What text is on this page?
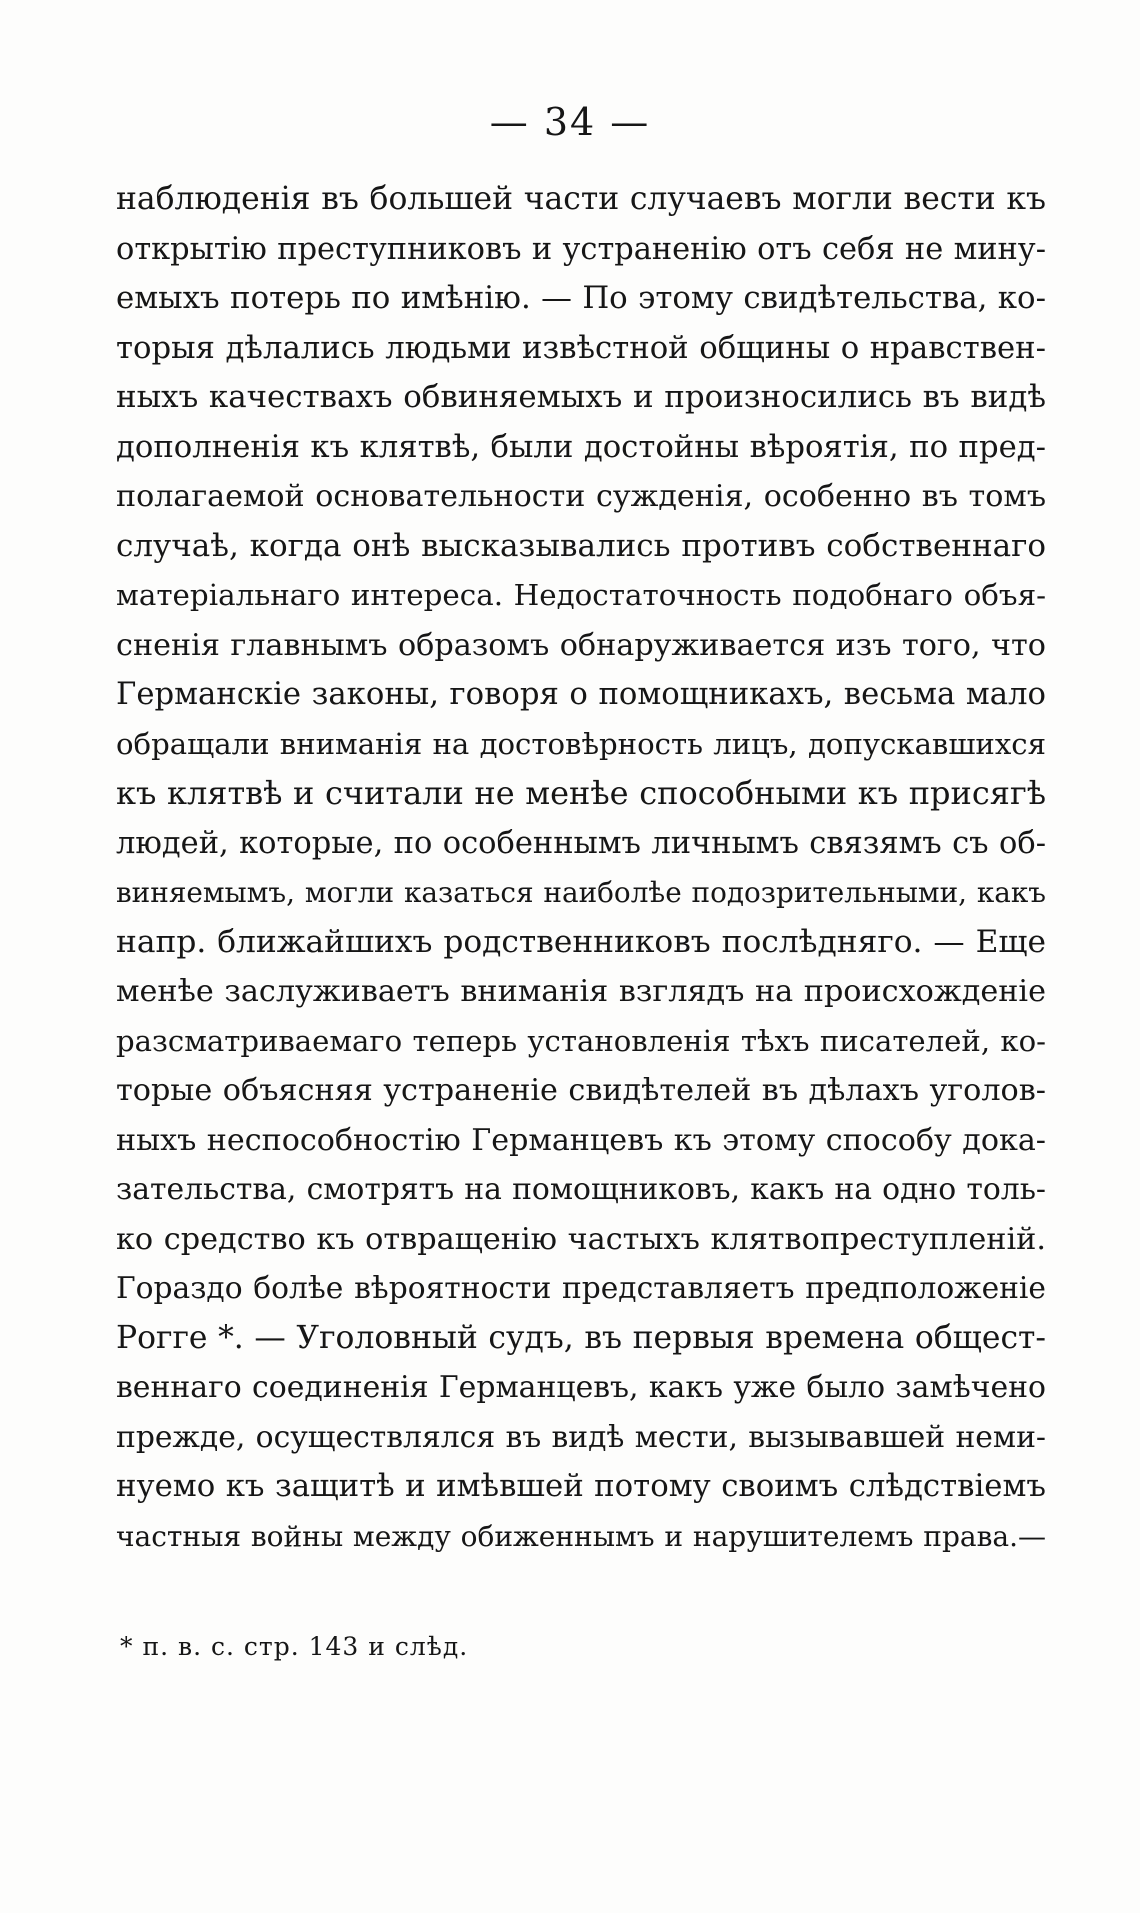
— 34 —
наблюденія въ большей части случаевъ могли вести къ
открытію преступниковъ и устраненію отъ себя не мину-
емыхъ потерь по имѣнію. — По этому свидѣтельства, ко-
торыя дѣлались людьми извѣстной общины о нравствен-
ныхъ качествахъ обвиняемыхъ и произносились въ видѣ
дополненія къ клятвѣ, были достойны вѣроятія, по пред-
полагаемой основательности сужденія, особенно въ томъ
случаѣ, когда онѣ высказывались противъ собственнаго
матеріальнаго интереса. Недостаточность подобнаго объя-
сненія главнымъ образомъ обнаруживается изъ того, что
Германскіе законы, говоря о помощникахъ, весьма мало
обращали вниманія на достовѣрность лицъ, допускавшихся
къ клятвѣ и считали не менѣе способными къ присягѣ
людей, которые, по особеннымъ личнымъ связямъ съ об-
виняемымъ, могли казаться наиболѣе подозрительными, какъ
напр. ближайшихъ родственниковъ послѣдняго. — Еще
менѣе заслуживаетъ вниманія взглядъ на происхожденіе
разсматриваемаго теперь установленія тѣхъ писателей, ко-
торые объясняя устраненіе свидѣтелей въ дѣлахъ уголов-
ныхъ неспособностію Германцевъ къ этому способу дока-
зательства, смотрятъ на помощниковъ, какъ на одно толь-
ко средство къ отвращенію частыхъ клятвопреступленій.
Гораздо болѣе вѣроятности представляетъ предположеніе
Рогге *. — Уголовный судъ, въ первыя времена общест-
веннаго соединенія Германцевъ, какъ уже было замѣчено
прежде, осуществлялся въ видѣ мести, вызывавшей неми-
нуемо къ защитѣ и имѣвшей потому своимъ слѣдствіемъ
частныя войны между обиженнымъ и нарушителемъ права.—
* п. в. с. стр. 143 и слѣд.
